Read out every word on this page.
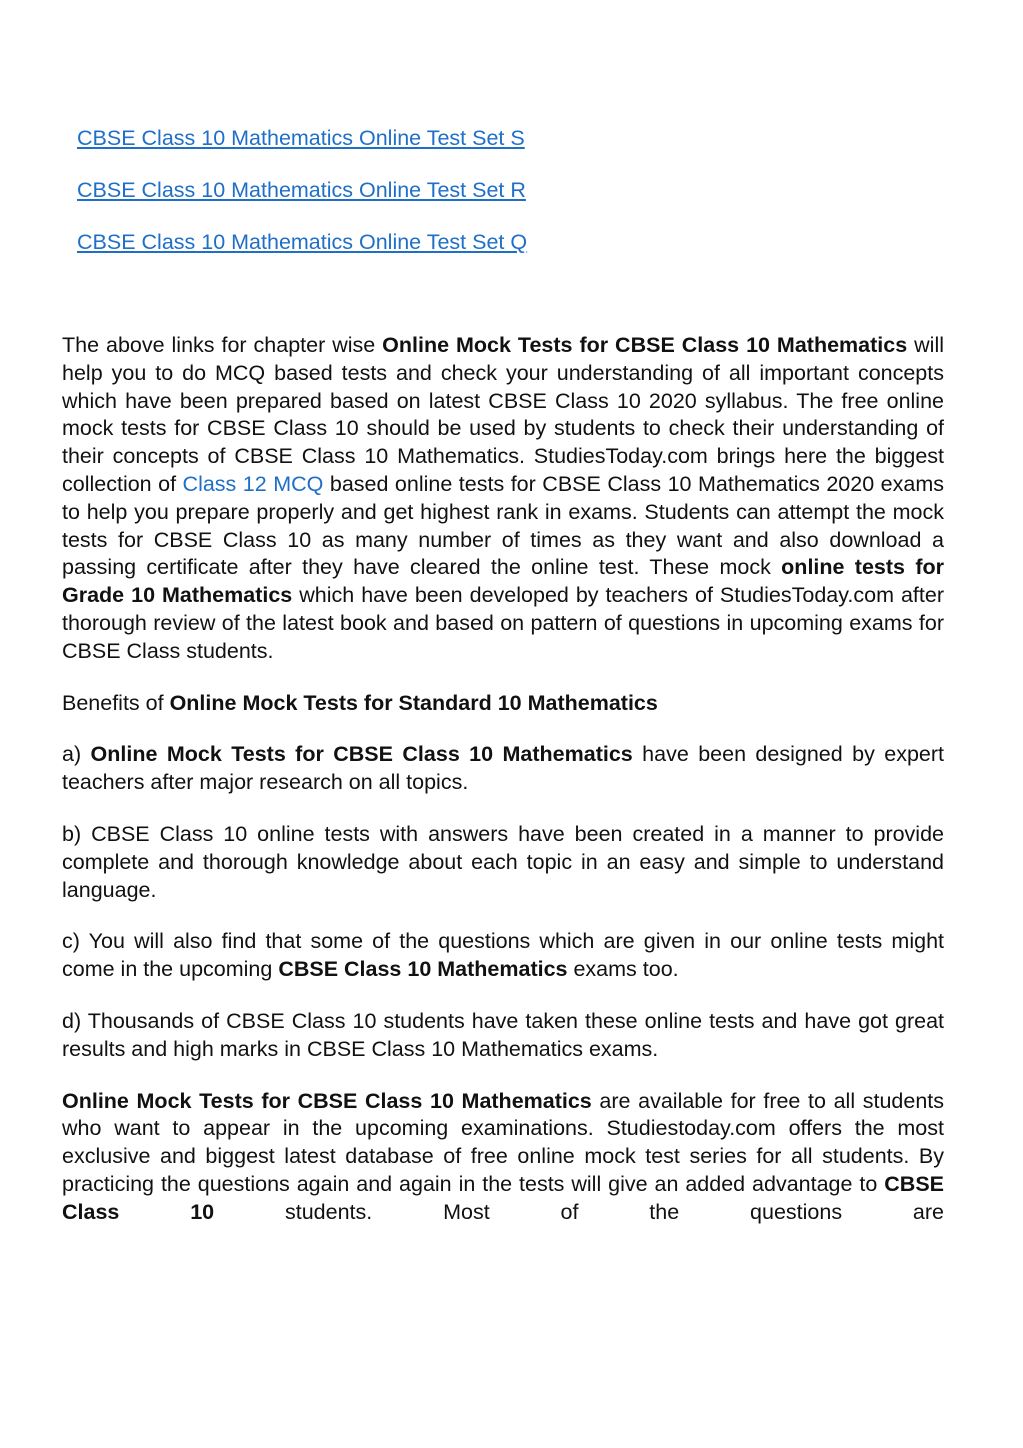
CBSE Class 10 Mathematics Online Test Set S
CBSE Class 10 Mathematics Online Test Set R
CBSE Class 10 Mathematics Online Test Set Q

The above links for chapter wise Online Mock Tests for CBSE Class 10 Mathematics will help you to do MCQ based tests and check your understanding of all important concepts which have been prepared based on latest CBSE Class 10 2020 syllabus. The free online mock tests for CBSE Class 10 should be used by students to check their understanding of their concepts of CBSE Class 10 Mathematics. StudiesToday.com brings here the biggest collection of Class 12 MCQ based online tests for CBSE Class 10 Mathematics 2020 exams to help you prepare properly and get highest rank in exams. Students can attempt the mock tests for CBSE Class 10 as many number of times as they want and also download a passing certificate after they have cleared the online test. These mock online tests for Grade 10 Mathematics which have been developed by teachers of StudiesToday.com after thorough review of the latest book and based on pattern of questions in upcoming exams for CBSE Class students.

Benefits of Online Mock Tests for Standard 10 Mathematics

a) Online Mock Tests for CBSE Class 10 Mathematics have been designed by expert teachers after major research on all topics.

b) CBSE Class 10 online tests with answers have been created in a manner to provide complete and thorough knowledge about each topic in an easy and simple to understand language.

c) You will also find that some of the questions which are given in our online tests might come in the upcoming CBSE Class 10 Mathematics exams too.

d) Thousands of CBSE Class 10 students have taken these online tests and have got great results and high marks in CBSE Class 10 Mathematics exams.

Online Mock Tests for CBSE Class 10 Mathematics are available for free to all students who want to appear in the upcoming examinations. Studiestoday.com offers the most exclusive and biggest latest database of free online mock test series for all students. By practicing the questions again and again in the tests will give an added advantage to CBSE Class 10 students. Most of the questions are
